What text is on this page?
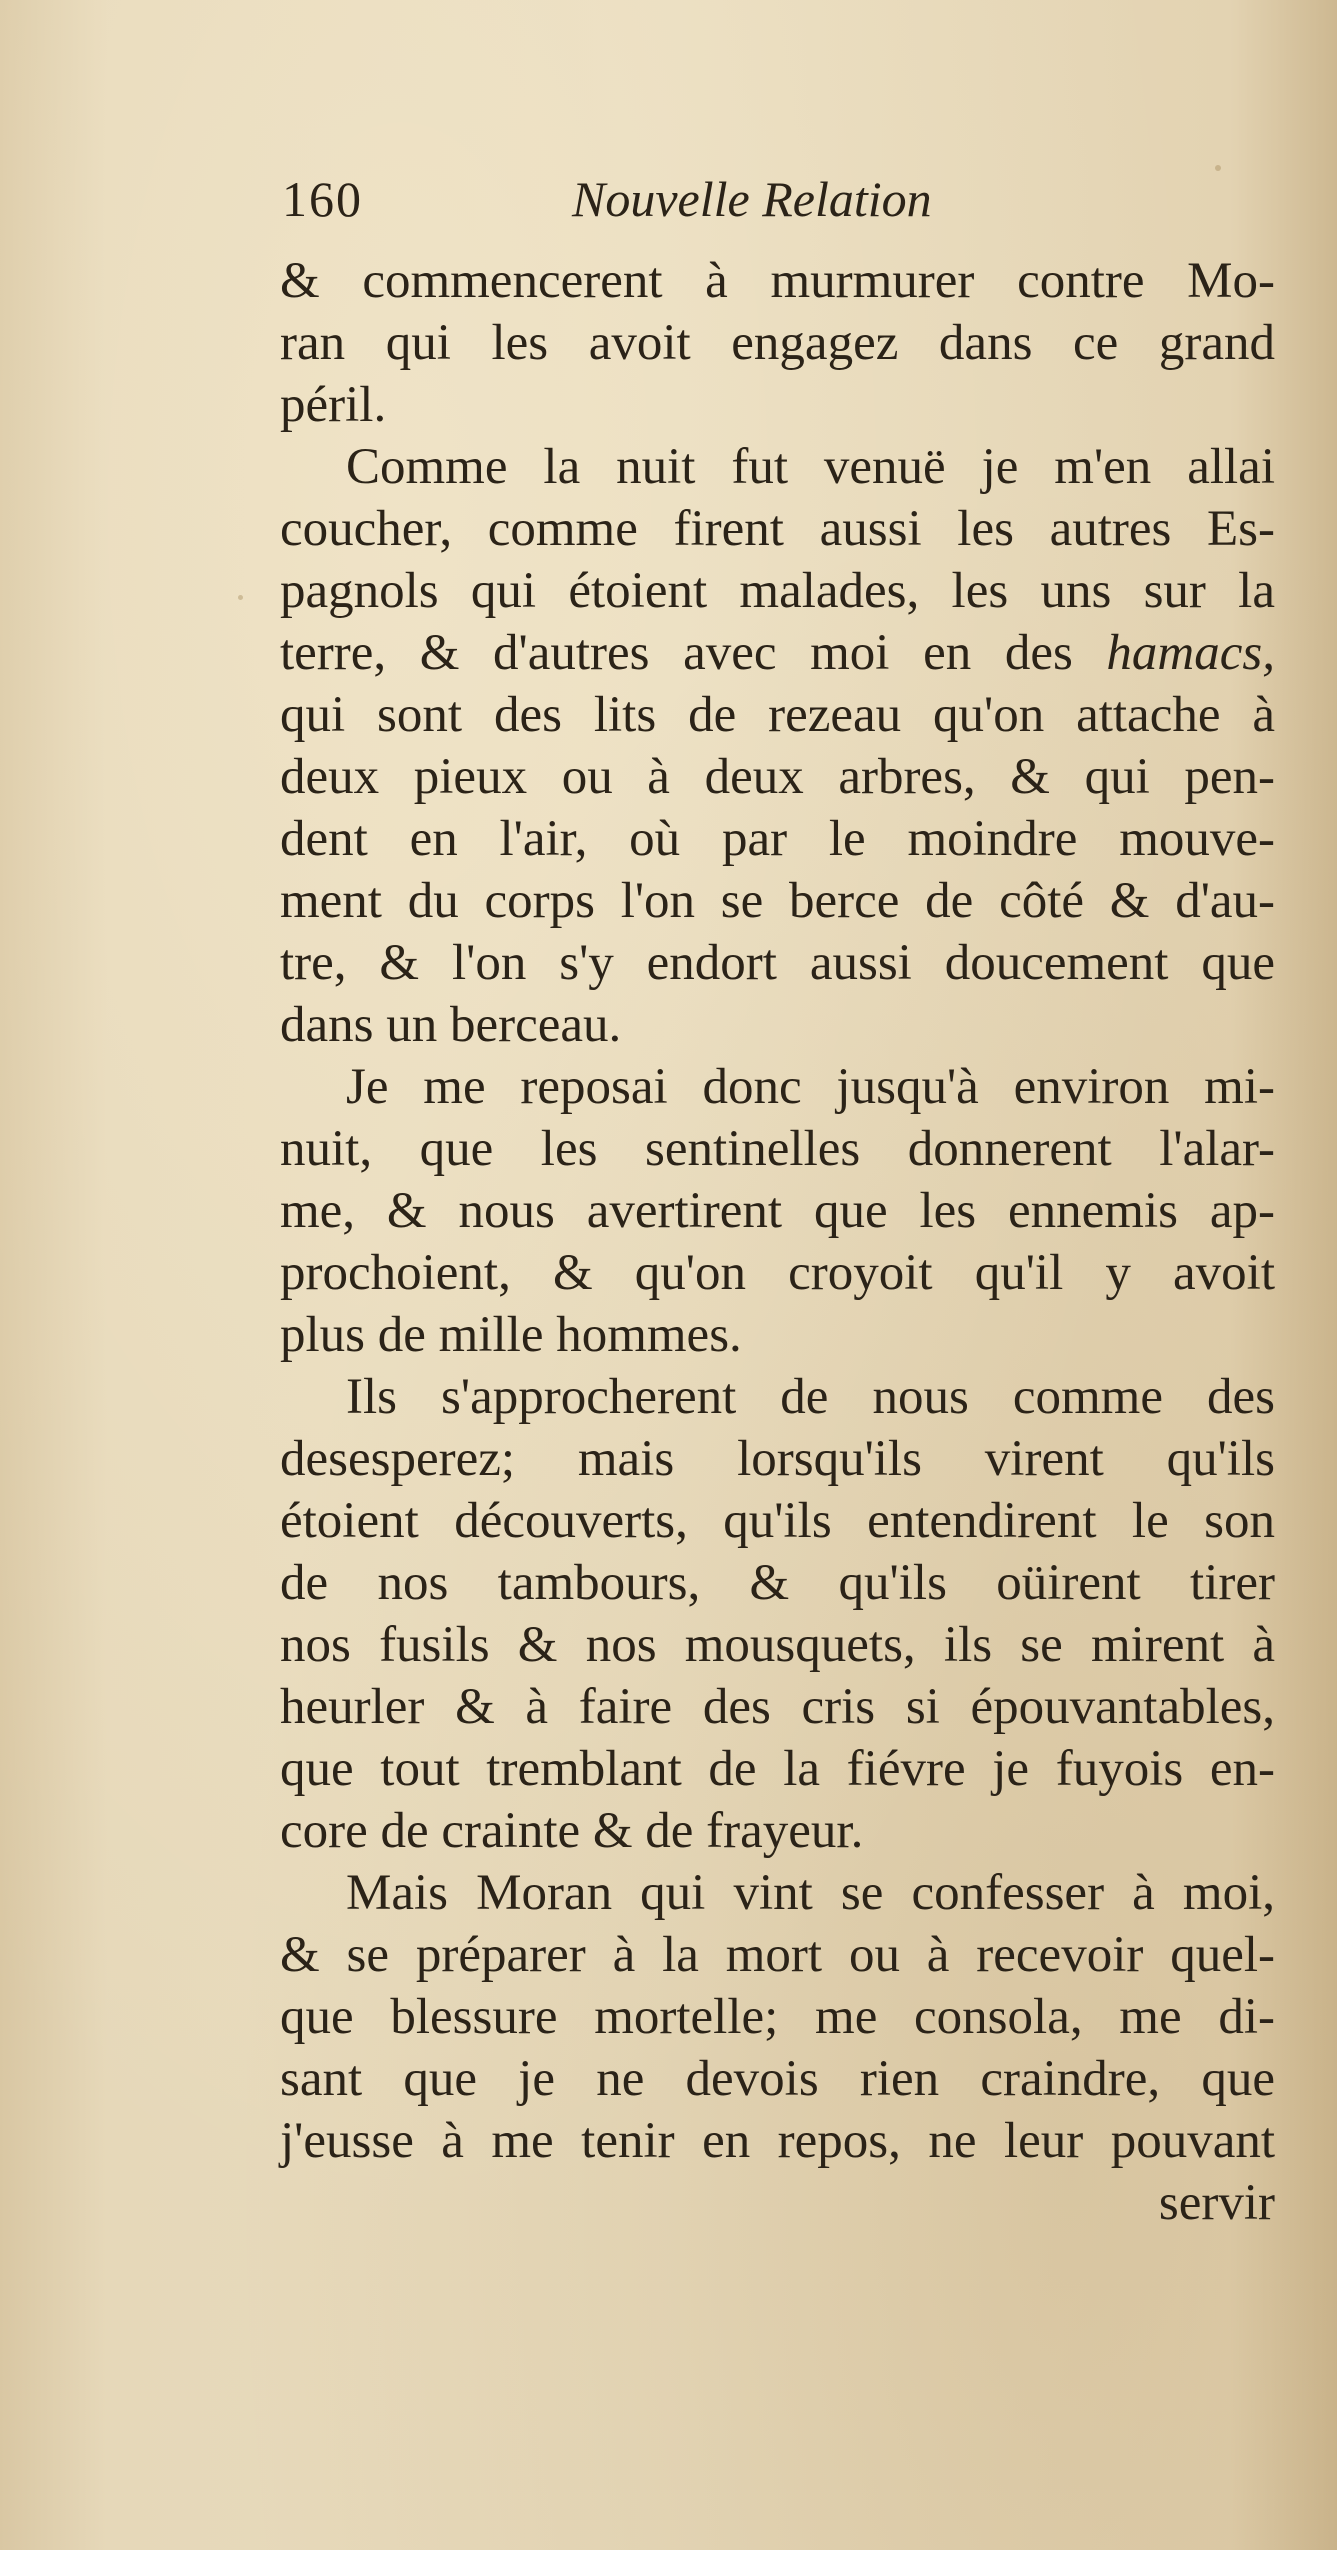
160	Nouvelle Relation
& commencerent à murmurer contre Mo-
ran qui les avoit engagez dans ce grand
péril.
Comme la nuit fut venuë je m'en allai
coucher, comme firent aussi les autres Es-
pagnols qui étoient malades, les uns sur la
terre, & d'autres avec moi en des hamacs,
qui sont des lits de rezeau qu'on attache à
deux pieux ou à deux arbres, & qui pen-
dent en l'air, où par le moindre mouve-
ment du corps l'on se berce de côté & d'au-
tre, & l'on s'y endort aussi doucement que
dans un berceau.
Je me reposai donc jusqu'à environ mi-
nuit, que les sentinelles donnerent l'alar-
me, & nous avertirent que les ennemis ap-
prochoient, & qu'on croyoit qu'il y avoit
plus de mille hommes.
Ils s'approcherent de nous comme des
desesperez; mais lorsqu'ils virent qu'ils
étoient découverts, qu'ils entendirent le son
de nos tambours, & qu'ils oüirent tirer
nos fusils & nos mousquets, ils se mirent à
heurler & à faire des cris si épouvantables,
que tout tremblant de la fiévre je fuyois en-
core de crainte & de frayeur.
Mais Moran qui vint se confesser à moi,
& se préparer à la mort ou à recevoir quel-
que blessure mortelle; me consola, me di-
sant que je ne devois rien craindre, que
j'eusse à me tenir en repos, ne leur pouvant
servir
